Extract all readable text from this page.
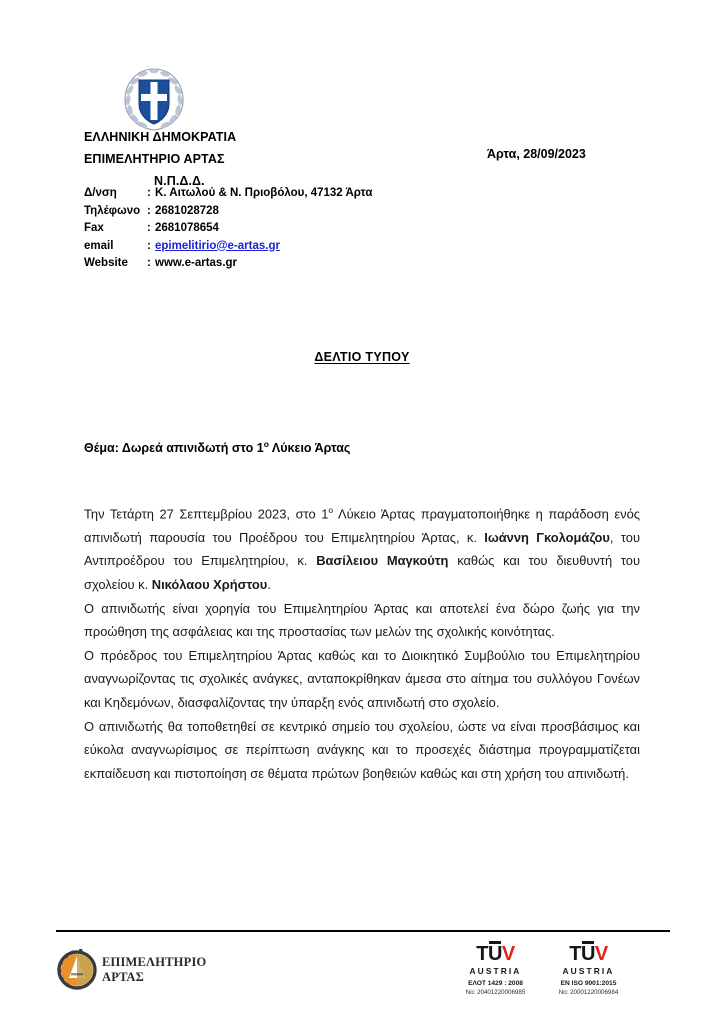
ΕΛΛΗΝΙΚΗ ΔΗΜΟΚΡΑΤΙΑ
ΕΠΙΜΕΛΗΤΗΡΙΟ ΑΡΤΑΣ
Ν.Π.Δ.Δ.
Άρτα, 28/09/2023
Δ/νση	: Κ. Αιτωλού & Ν. Πριοβόλου, 47132 Άρτα
Τηλέφωνο : 2681028728
Fax	: 2681078654
email	: epimelitirio@e-artas.gr
Website	: www.e-artas.gr
ΔΕΛΤΙΟ ΤΥΠΟΥ
Θέμα: Δωρεά απινιδωτή στο $1^o$ Λύκειο Άρτας

Την Τετάρτη 27 Σεπτεμβρίου 2023, στο $1^o$ Λύκειο Άρτας πραγματοποιήθηκε η παράδοση ενός απινιδωτή παρουσία του Προέδρου του Επιμελητηρίου Άρτας, κ. Ιωάννη Γκολομάζου, του Αντιπροέδρου του Επιμελητηρίου, κ. Βασίλειου Μαγκούτη καθώς και του διευθυντή του σχολείου κ. Νικόλαου Χρήστου.

Ο απινιδωτής είναι χορηγία του Επιμελητηρίου Άρτας και αποτελεί ένα δώρο ζωής για την προώθηση της ασφάλειας και της προστασίας των μελών της σχολικής κοινότητας.

Ο πρόεδρος του Επιμελητηρίου Άρτας καθώς και το Διοικητικό Συμβούλιο του Επιμελητηρίου αναγνωρίζοντας τις σχολικές ανάγκες, ανταποκρίθηκαν άμεσα στο αίτημα του συλλόγου Γονέων και Κηδεμόνων, διασφαλίζοντας την ύπαρξη ενός απινιδωτή στο σχολείο.

Ο απινιδωτής θα τοποθετηθεί σε κεντρικό σημείο του σχολείου, ώστε να είναι προσβάσιμος και εύκολα αναγνωρίσιμος σε περίπτωση ανάγκης και το προσεχές διάστημα προγραμματίζεται εκπαίδευση και πιστοποίηση σε θέματα πρώτων βοηθειών καθώς και στη χρήση του απινιδωτή.

ΕΠΙΜΕΛΗΤΗΡΙΟ
ΑΡΤΑΣ
TUV
AUSTRIA
ΕΛΟΤ 1429 : 2008
No: 20401220006985
TUV
AUSTRIA
EN ISO 9001:2015
No: 20001220006984
